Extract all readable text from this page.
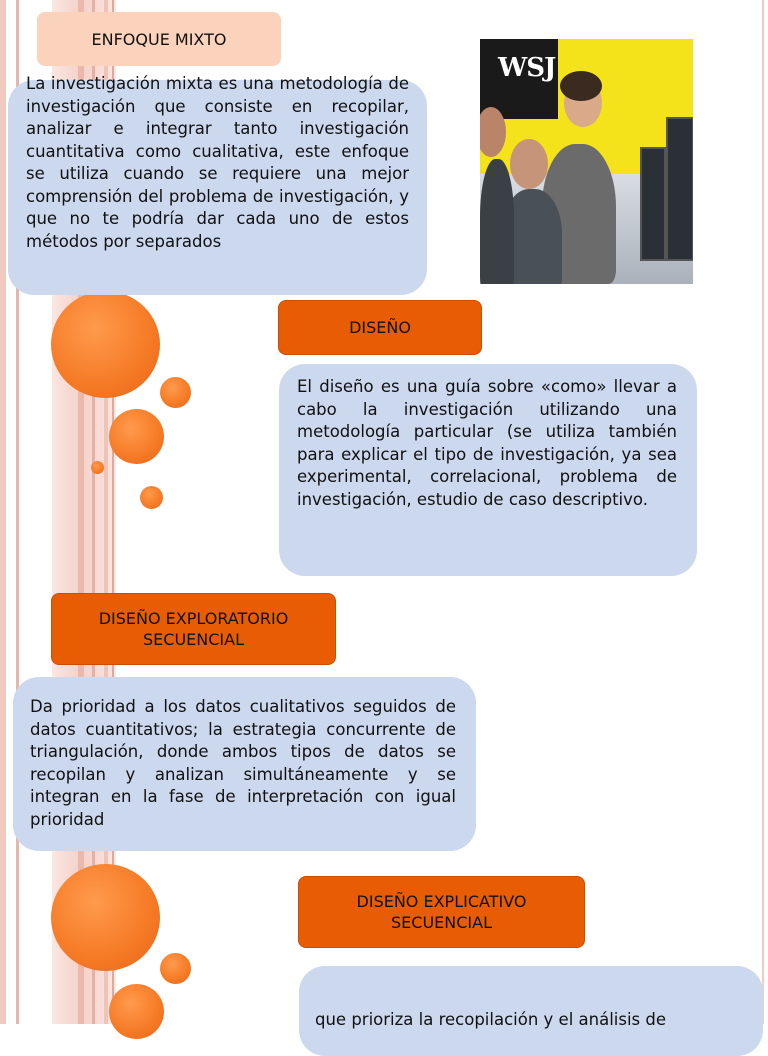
ENFOQUE MIXTO

La investigación mixta es una metodología de investigación que consiste en recopilar, analizar e integrar tanto investigación cuantitativa como cualitativa, este enfoque se utiliza cuando se requiere una mejor comprensión del problema de investigación, y que no te podría dar cada uno de estos métodos por separados

WSJ
DISEÑO

El diseño es una guía sobre «como» llevar a cabo la investigación utilizando una metodología particular (se utiliza también para explicar el tipo de investigación, ya sea experimental, correlacional, problema de investigación, estudio de caso descriptivo.

DISEÑO EXPLORATORIO SECUENCIAL

Da prioridad a los datos cualitativos seguidos de datos cuantitativos; la estrategia concurrente de triangulación, donde ambos tipos de datos se recopilan y analizan simultáneamente y se integran en la fase de interpretación con igual prioridad

DISEÑO EXPLICATIVO SECUENCIAL

que prioriza la recopilación y el análisis de
